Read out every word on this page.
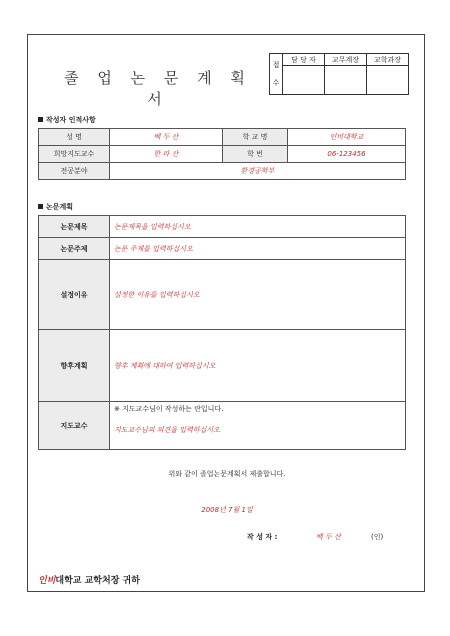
졸 업 논 문 계 획 서
접
수	담 당 자	교무계장	교학과장

작성자 인적사항
성 명	백 두 산	학 교 명	인비대학교
희망지도교수	한 라 산	학 번	06-123456
전공분야	환경공학부		
논문계획
논문제목	논문제목을 입력하십시오
논문주제	논문 주제를 입력하십시오
설정이유	설정한 이유를 입력하십시오
향후계획	향후 계획에 대하여 입력하십시오
지도교수	※ 지도교수님이 작성하는 란입니다.
지도교수님의 의견을 입력하십시오
위와 같이 졸업논문계획서 제출합니다.
2008년 7월 1일
작 성 자 :	백 두 산	(인)
인비대학교 교학처장 귀하
